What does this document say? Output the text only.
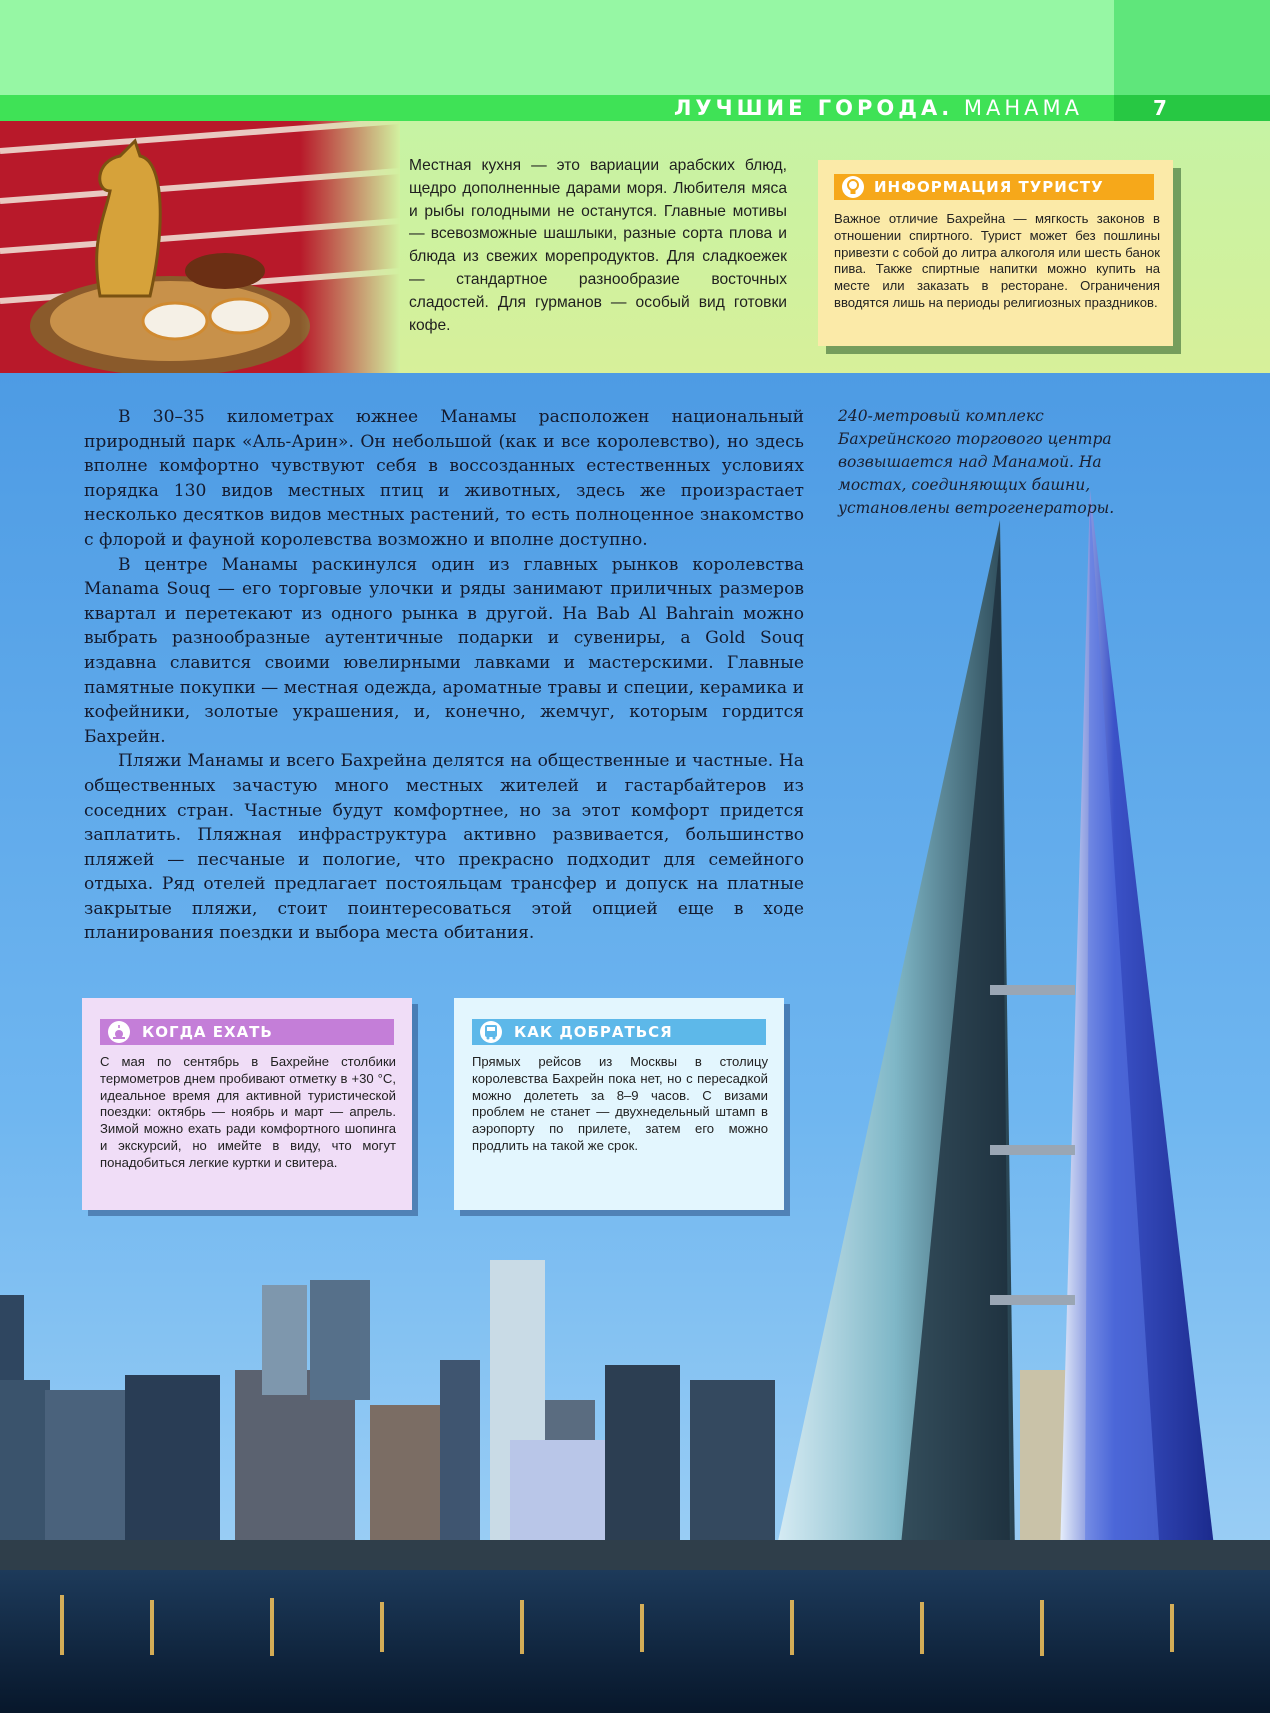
ЛУЧШИЕ ГОРОДА. МАНАМА	7
Местная кухня — это вариации арабских блюд, щедро дополненные дарами моря. Любителя мяса и рыбы голодными не останутся. Главные мотивы — всевозможные шашлыки, разные сорта плова и блюда из свежих морепродуктов. Для сладкоежек — стандартное разнообразие восточных сладостей. Для гурманов — особый вид готовки кофе.
ИНФОРМАЦИЯ ТУРИСТУ
Важное отличие Бахрейна — мягкость законов в отношении спиртного. Турист может без пошлины привезти с собой до литра алкоголя или шесть банок пива. Также спиртные напитки можно купить на месте или заказать в ресторане. Ограничения вводятся лишь на периоды религиозных праздников.

В 30–35 километрах южнее Манамы расположен национальный природный парк «Аль-Арин». Он небольшой (как и все королевство), но здесь вполне комфортно чувствуют себя в воссозданных естественных условиях порядка 130 видов местных птиц и животных, здесь же произрастает несколько десятков видов местных растений, то есть полноценное знакомство с флорой и фауной королевства возможно и вполне доступно.

В центре Манамы раскинулся один из главных рынков королевства Manama Souq — его торговые улочки и ряды занимают приличных размеров квартал и перетекают из одного рынка в другой. На Bab Al Bahrain можно выбрать разнообразные аутентичные подарки и сувениры, а Gold Souq издавна славится своими ювелирными лавками и мастерскими. Главные памятные покупки — местная одежда, ароматные травы и специи, керамика и кофейники, золотые украшения, и, конечно, жемчуг, которым гордится Бахрейн.

Пляжи Манамы и всего Бахрейна делятся на общественные и частные. На общественных зачастую много местных жителей и гастарбайтеров из соседних стран. Частные будут комфортнее, но за этот комфорт придется заплатить. Пляжная инфраструктура активно развивается, большинство пляжей — песчаные и пологие, что прекрасно подходит для семейного отдыха. Ряд отелей предлагает постояльцам трансфер и допуск на платные закрытые пляжи, стоит поинтересоваться этой опцией еще в ходе планирования поездки и выбора места обитания.

240-метровый комплекс Бахрейнского торгового центра возвышается над Манамой. На мостах, соединяющих башни, установлены ветрогенераторы.
КОГДА ЕХАТЬ
С мая по сентябрь в Бахрейне столбики термометров днем пробивают отметку в +30 °С, идеальное время для активной туристической поездки: октябрь — ноябрь и март — апрель. Зимой можно ехать ради комфортного шопинга и экскурсий, но имейте в виду, что могут понадобиться легкие куртки и свитера.
КАК ДОБРАТЬСЯ
Прямых рейсов из Москвы в столицу королевства Бахрейн пока нет, но с пересадкой можно долететь за 8–9 часов. С визами проблем не станет — двухнедельный штамп в аэропорту по прилете, затем его можно продлить на такой же срок.
